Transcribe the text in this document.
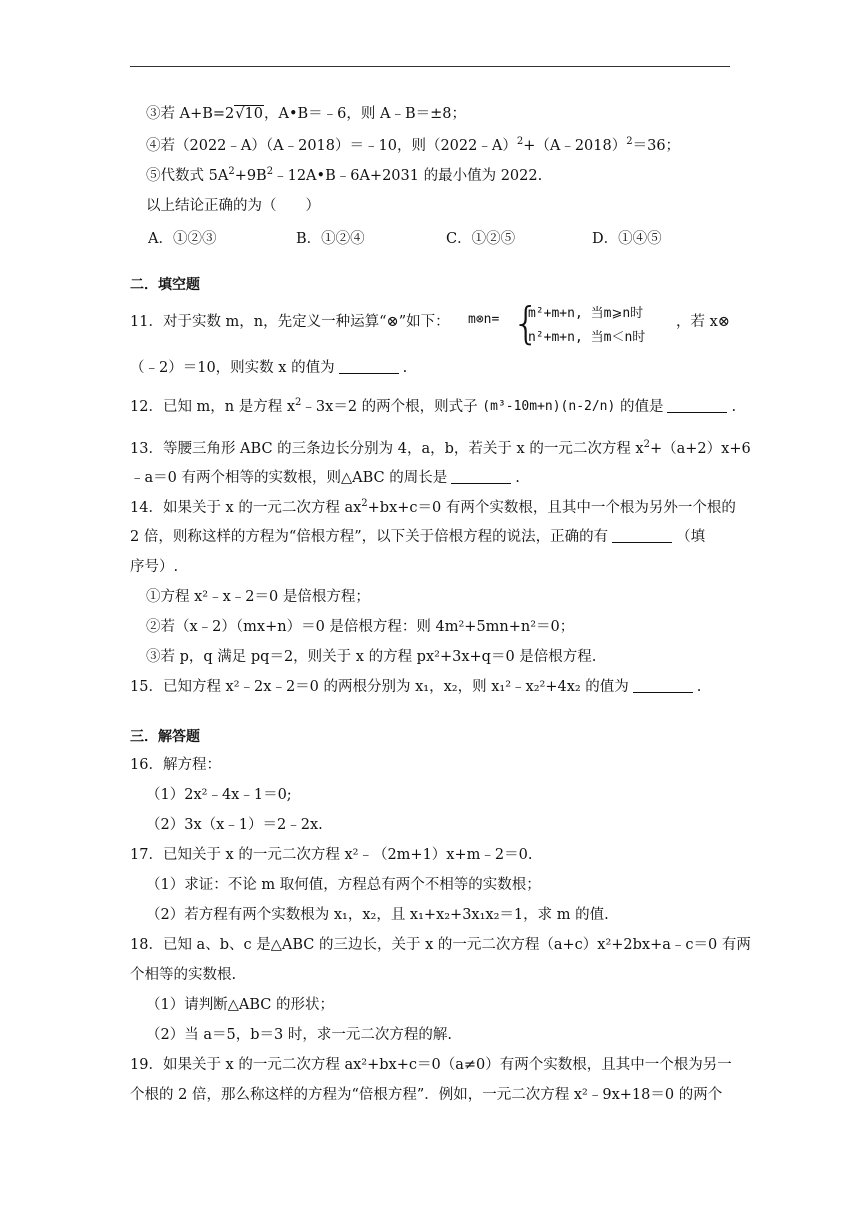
③若 A+B=2√10，A•B＝﹣6，则 A﹣B＝±8；
④若（2022﹣A）（A﹣2018）＝﹣10，则（2022﹣A）$^2$+（A﹣2018）$^2$＝36；
⑤代数式 $5A^2+9B^2﹣12A•B﹣6A+2031$ 的最小值为 2022.
以上结论正确的为（　　）
A．①②③	B．①②④	C．①②⑤	D．①④⑤
二．填空题
11．对于实数 m，n，先定义一种运算“⊗”如下： m⊗n= {
m²+m+n, 当m⩾n时
n²+m+n, 当m＜n时
，若 x⊗
（﹣2）＝10，则实数 x 的值为	.
12．已知 m，n 是方程 $x^2﹣3x=2$ 的两个根，则式子 (m³-10m+n)(n-2/n) 的值是	.
13．等腰三角形 ABC 的三条边长分别为 4，a，b，若关于 x 的一元二次方程 $x^2+(a+2)x+6$
﹣a＝0 有两个相等的实数根，则△ABC 的周长是	.
14．如果关于 x 的一元二次方程 $ax^2+bx+c=0$ 有两个实数根，且其中一个根为另外一个根的
2 倍，则称这样的方程为“倍根方程”，以下关于倍根方程的说法，正确的有	（填
序号）.
①方程 x²﹣x﹣2＝0 是倍根方程；
②若（x﹣2）（mx+n）＝0 是倍根方程：则 4m²+5mn+n²＝0；
③若 p，q 满足 pq＝2，则关于 x 的方程 px²+3x+q＝0 是倍根方程.
15．已知方程 x²﹣2x﹣2＝0 的两根分别为 x₁，x₂，则 x₁²﹣x₂²+4x₂ 的值为	.
三．解答题
16．解方程：
（1）2x²﹣4x﹣1＝0;
（2）3x（x﹣1）＝2﹣2x.
17．已知关于 x 的一元二次方程 x²﹣（2m+1）x+m﹣2＝0.
（1）求证：不论 m 取何值，方程总有两个不相等的实数根；
（2）若方程有两个实数根为 x₁，x₂，且 x₁+x₂+3x₁x₂＝1，求 m 的值.
18．已知 a、b、c 是△ABC 的三边长，关于 x 的一元二次方程（a+c）x²+2bx+a﹣c＝0 有两
个相等的实数根.
（1）请判断△ABC 的形状；
（2）当 a＝5，b＝3 时，求一元二次方程的解.
19．如果关于 x 的一元二次方程 ax²+bx+c＝0（a≠0）有两个实数根，且其中一个根为另一
个根的 2 倍，那么称这样的方程为“倍根方程”．例如，一元二次方程 x²﹣9x+18＝0 的两个
